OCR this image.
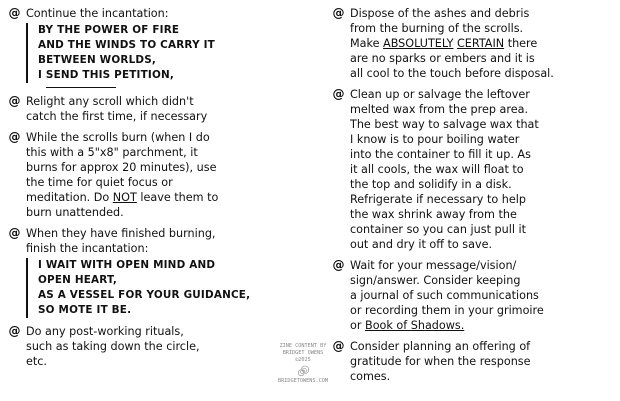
@ Continue the incantation:
BY THE POWER OF FIRE
AND THE WINDS TO CARRY IT
BETWEEN WORLDS,
I SEND THIS PETITION,
@ Relight any scroll which didn't
catch the first time, if necessary
@ While the scrolls burn (when I do
this with a 5"x8" parchment, it
burns for approx 20 minutes), use
the time for quiet focus or
meditation. Do NOT leave them to
burn unattended.
@ When they have finished burning,
finish the incantation:
I WAIT WITH OPEN MIND AND
OPEN HEART,
AS A VESSEL FOR YOUR GUIDANCE,
SO MOTE IT BE.
@ Do any post-working rituals,
such as taking down the circle,
etc.
ZINE CONTENT BY
BRIDGET OWENS
©2025
BRIDGETOWENS.COM
@ Dispose of the ashes and debris
from the burning of the scrolls.
Make ABSOLUTELY CERTAIN there
are no sparks or embers and it is
all cool to the touch before disposal.
@ Clean up or salvage the leftover
melted wax from the prep area.
The best way to salvage wax that
I know is to pour boiling water
into the container to fill it up. As
it all cools, the wax will float to
the top and solidify in a disk.
Refrigerate if necessary to help
the wax shrink away from the
container so you can just pull it
out and dry it off to save.
@ Wait for your message/vision/
sign/answer. Consider keeping
a journal of such communications
or recording them in your grimoire
or Book of Shadows.
@ Consider planning an offering of
gratitude for when the response
comes.
